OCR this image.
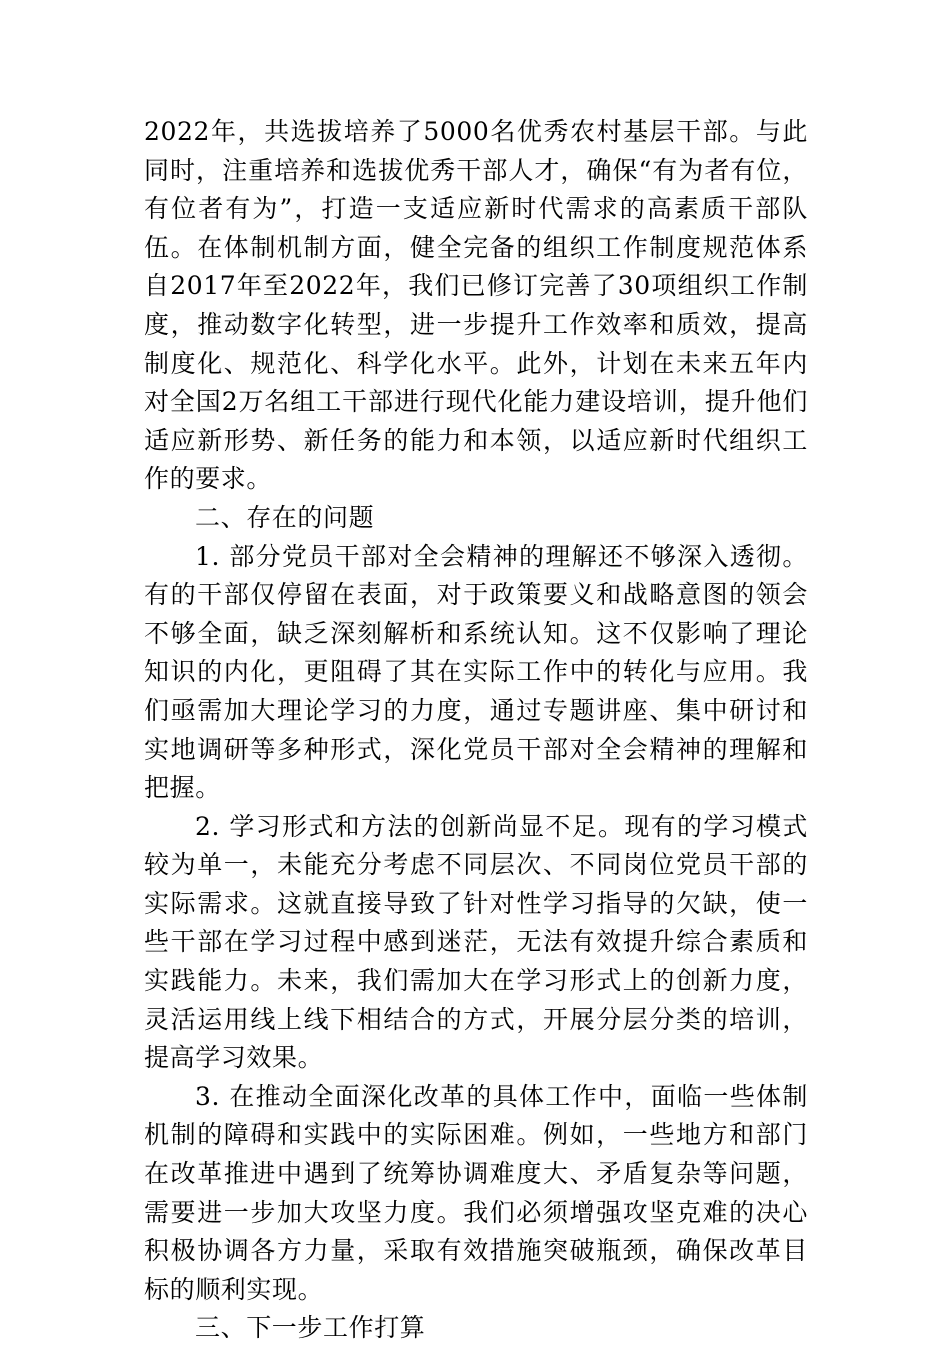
2022年，共选拔培养了5000名优秀农村基层干部。与此同时，注重培养和选拔优秀干部人才，确保“有为者有位，有位者有为”，打造一支适应新时代需求的高素质干部队伍。在体制机制方面，健全完备的组织工作制度规范体系自2017年至2022年，我们已修订完善了30项组织工作制度，推动数字化转型，进一步提升工作效率和质效，提高制度化、规范化、科学化水平。此外，计划在未来五年内对全国2万名组工干部进行现代化能力建设培训，提升他们适应新形势、新任务的能力和本领，以适应新时代组织工作的要求。

二、存在的问题

1. 部分党员干部对全会精神的理解还不够深入透彻。有的干部仅停留在表面，对于政策要义和战略意图的领会不够全面，缺乏深刻解析和系统认知。这不仅影响了理论知识的内化，更阻碍了其在实际工作中的转化与应用。我们亟需加大理论学习的力度，通过专题讲座、集中研讨和实地调研等多种形式，深化党员干部对全会精神的理解和把握。

2. 学习形式和方法的创新尚显不足。现有的学习模式较为单一，未能充分考虑不同层次、不同岗位党员干部的实际需求。这就直接导致了针对性学习指导的欠缺，使一些干部在学习过程中感到迷茫，无法有效提升综合素质和实践能力。未来，我们需加大在学习形式上的创新力度，灵活运用线上线下相结合的方式，开展分层分类的培训，提高学习效果。

3. 在推动全面深化改革的具体工作中，面临一些体制机制的障碍和实践中的实际困难。例如，一些地方和部门在改革推进中遇到了统筹协调难度大、矛盾复杂等问题，需要进一步加大攻坚力度。我们必须增强攻坚克难的决心积极协调各方力量，采取有效措施突破瓶颈，确保改革目标的顺利实现。

三、下一步工作打算
